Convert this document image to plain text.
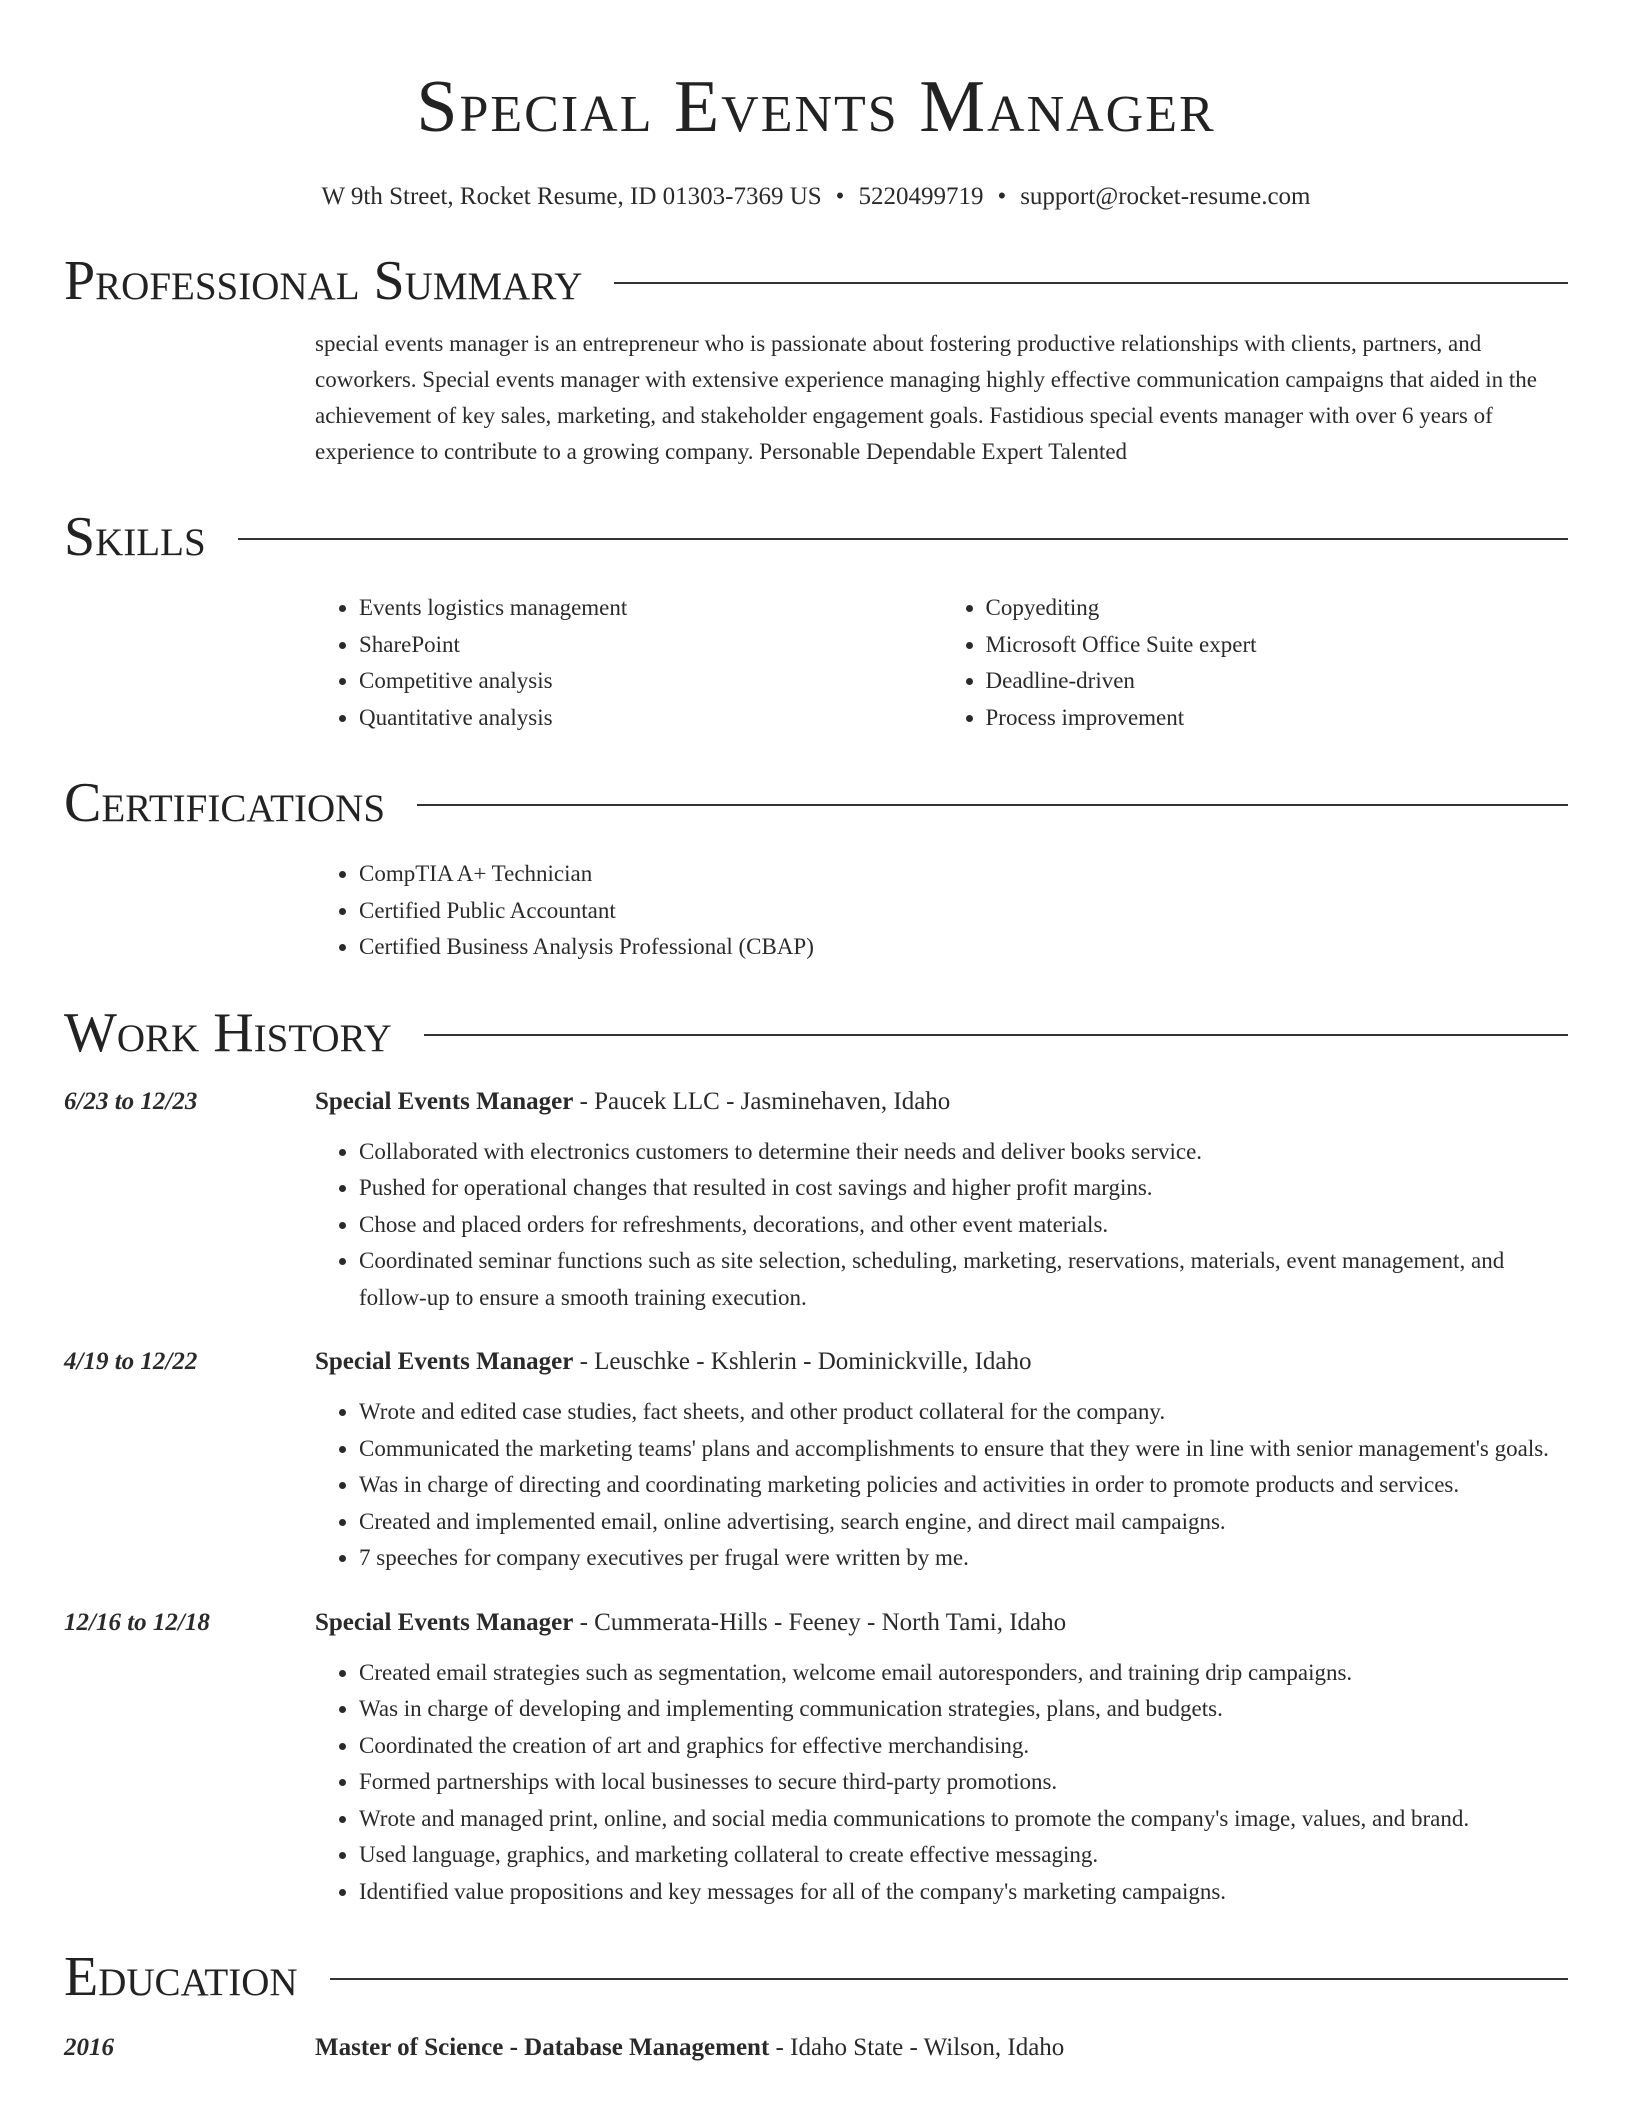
Special Events Manager
W 9th Street, Rocket Resume, ID 01303-7369 US • 5220499719 • support@rocket-resume.com
Professional Summary
special events manager is an entrepreneur who is passionate about fostering productive relationships with clients, partners, and coworkers. Special events manager with extensive experience managing highly effective communication campaigns that aided in the achievement of key sales, marketing, and stakeholder engagement goals. Fastidious special events manager with over 6 years of experience to contribute to a growing company. Personable Dependable Expert Talented
Skills
• Events logistics management
• SharePoint
• Competitive analysis
• Quantitative analysis
• Copyediting
• Microsoft Office Suite expert
• Deadline-driven
• Process improvement
Certifications
• CompTIA A+ Technician
• Certified Public Accountant
• Certified Business Analysis Professional (CBAP)
Work History
6/23 to 12/23	Special Events Manager - Paucek LLC - Jasminehaven, Idaho
• Collaborated with electronics customers to determine their needs and deliver books service.
• Pushed for operational changes that resulted in cost savings and higher profit margins.
• Chose and placed orders for refreshments, decorations, and other event materials.
• Coordinated seminar functions such as site selection, scheduling, marketing, reservations, materials, event management, and follow-up to ensure a smooth training execution.
4/19 to 12/22	Special Events Manager - Leuschke - Kshlerin - Dominickville, Idaho
• Wrote and edited case studies, fact sheets, and other product collateral for the company.
• Communicated the marketing teams' plans and accomplishments to ensure that they were in line with senior management's goals.
• Was in charge of directing and coordinating marketing policies and activities in order to promote products and services.
• Created and implemented email, online advertising, search engine, and direct mail campaigns.
• 7 speeches for company executives per frugal were written by me.
12/16 to 12/18	Special Events Manager - Cummerata-Hills - Feeney - North Tami, Idaho
• Created email strategies such as segmentation, welcome email autoresponders, and training drip campaigns.
• Was in charge of developing and implementing communication strategies, plans, and budgets.
• Coordinated the creation of art and graphics for effective merchandising.
• Formed partnerships with local businesses to secure third-party promotions.
• Wrote and managed print, online, and social media communications to promote the company's image, values, and brand.
• Used language, graphics, and marketing collateral to create effective messaging.
• Identified value propositions and key messages for all of the company's marketing campaigns.
Education
2016	Master of Science - Database Management - Idaho State - Wilson, Idaho
